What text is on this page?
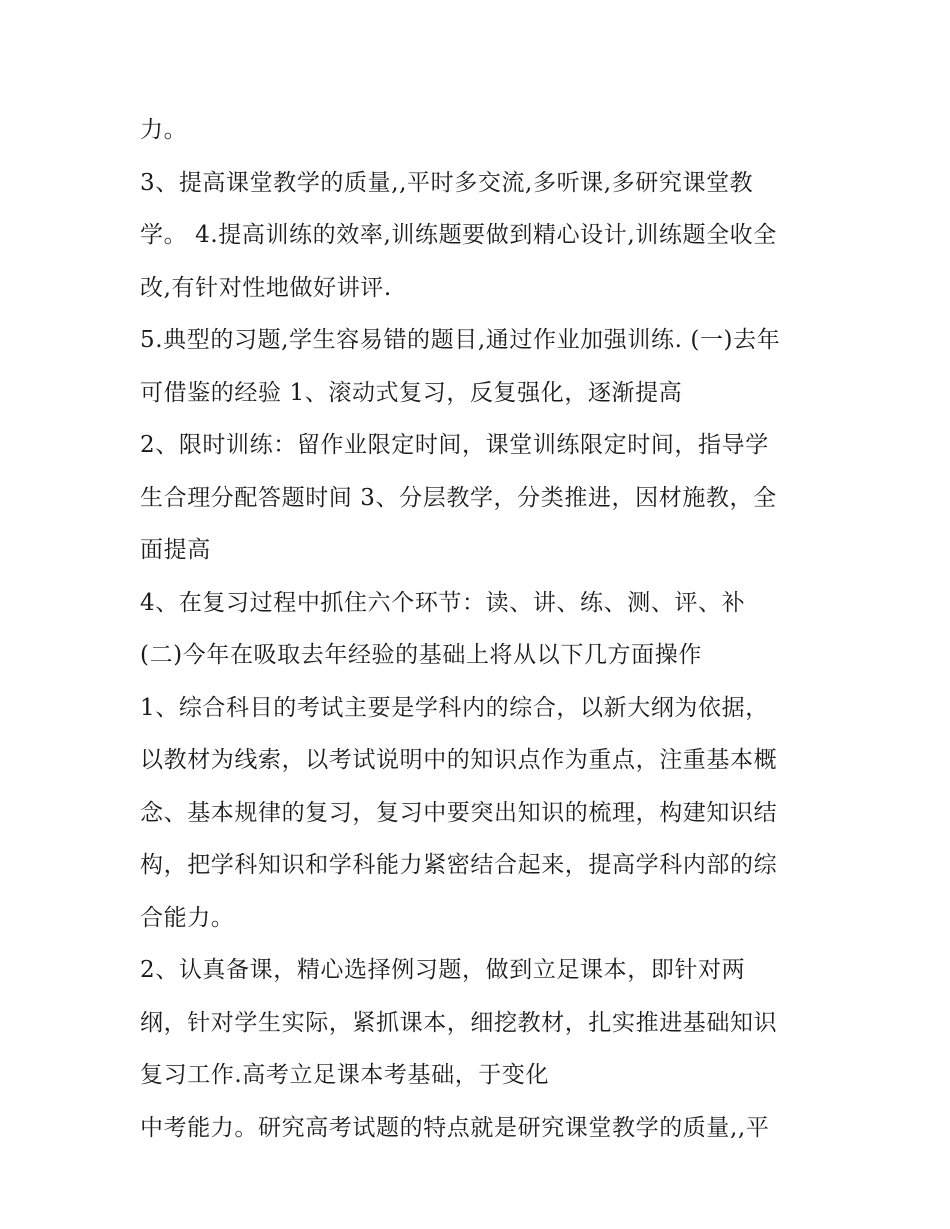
力。
3、提高课堂教学的质量,,平时多交流,多听课,多研究课堂教
学。 4.提高训练的效率,训练题要做到精心设计,训练题全收全
改,有针对性地做好讲评.
5.典型的习题,学生容易错的题目,通过作业加强训练. (一)去年
可借鉴的经验 1、滚动式复习，反复强化，逐渐提高
2、限时训练：留作业限定时间，课堂训练限定时间，指导学
生合理分配答题时间 3、分层教学，分类推进，因材施教，全
面提高
4、在复习过程中抓住六个环节：读、讲、练、测、评、补
(二)今年在吸取去年经验的基础上将从以下几方面操作
1、综合科目的考试主要是学科内的综合，以新大纲为依据，
以教材为线索，以考试说明中的知识点作为重点，注重基本概
念、基本规律的复习，复习中要突出知识的梳理，构建知识结
构，把学科知识和学科能力紧密结合起来，提高学科内部的综
合能力。
2、认真备课，精心选择例习题，做到立足课本，即针对两
纲，针对学生实际，紧抓课本，细挖教材，扎实推进基础知识
复习工作.高考立足课本考基础，于变化
中考能力。研究高考试题的特点就是研究课堂教学的质量,,平
